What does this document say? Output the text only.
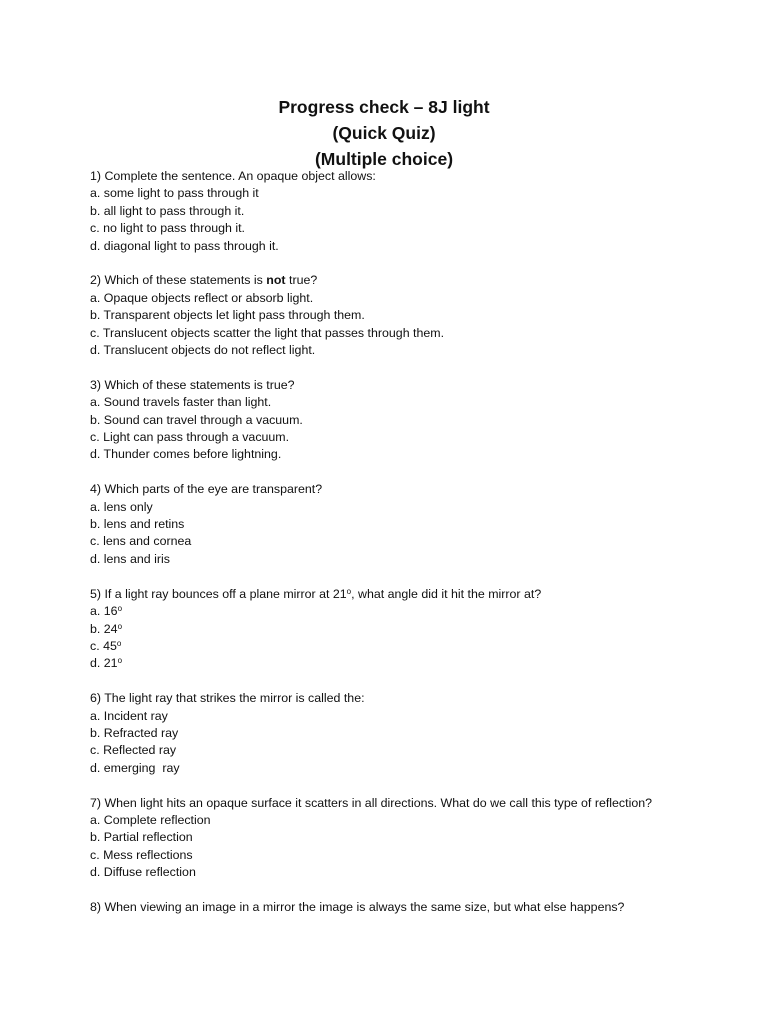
Progress check – 8J light
(Quick Quiz)
(Multiple choice)
1) Complete the sentence. An opaque object allows:
a. some light to pass through it
b. all light to pass through it.
c. no light to pass through it.
d. diagonal light to pass through it.
2) Which of these statements is not true?
a. Opaque objects reflect or absorb light.
b. Transparent objects let light pass through them.
c. Translucent objects scatter the light that passes through them.
d. Translucent objects do not reflect light.
3) Which of these statements is true?
a. Sound travels faster than light.
b. Sound can travel through a vacuum.
c. Light can pass through a vacuum.
d. Thunder comes before lightning.
4) Which parts of the eye are transparent?
a. lens only
b. lens and retins
c. lens and cornea
d. lens and iris
5) If a light ray bounces off a plane mirror at 21$^o$, what angle did it hit the mirror at?
a. 16$^o$
b. 24$^o$
c. 45$^o$
d. 21$^o$
6) The light ray that strikes the mirror is called the:
a. Incident ray
b. Refracted ray
c. Reflected ray
d. emerging  ray
7) When light hits an opaque surface it scatters in all directions. What do we call this type of reflection?
a. Complete reflection
b. Partial reflection
c. Mess reflections
d. Diffuse reflection
8) When viewing an image in a mirror the image is always the same size, but what else happens?
